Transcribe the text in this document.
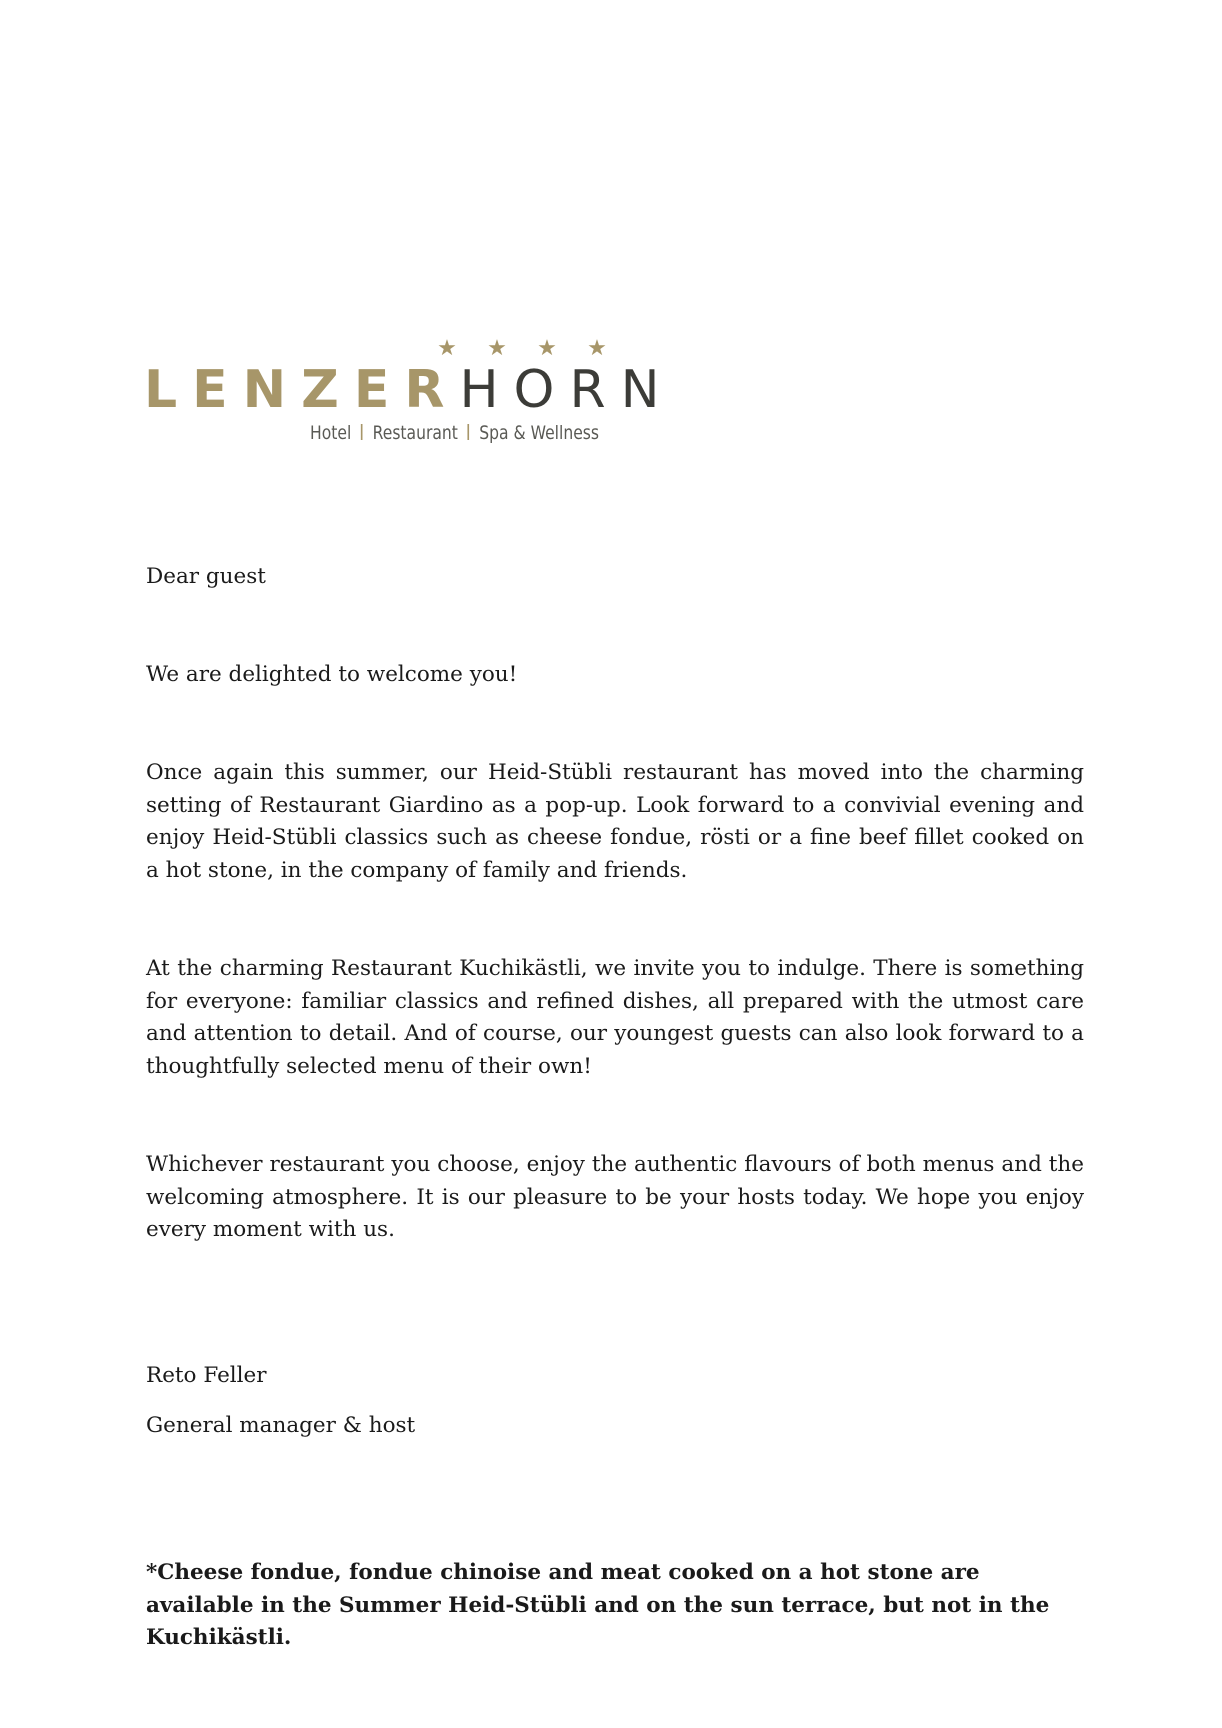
★	★	★	★
LENZERHORN
Hotel Restaurant Spa & Wellness

Dear guest

We are delighted to welcome you!

Once again this summer, our Heid-Stübli restaurant has moved into the charming setting of Restaurant Giardino as a pop-up. Look forward to a convivial evening and enjoy Heid-Stübli classics such as cheese fondue, rösti or a fine beef fillet cooked on a hot stone, in the company of family and friends.

At the charming Restaurant Kuchikästli, we invite you to indulge. There is something for everyone: familiar classics and refined dishes, all prepared with the utmost care and attention to detail. And of course, our youngest guests can also look forward to a thoughtfully selected menu of their own!

Whichever restaurant you choose, enjoy the authentic flavours of both menus and the welcoming atmosphere. It is our pleasure to be your hosts today. We hope you enjoy every moment with us.

Reto Feller

General manager & host

*Cheese fondue, fondue chinoise and meat cooked on a hot stone are available in the Summer Heid-Stübli and on the sun terrace, but not in the Kuchikästli.
